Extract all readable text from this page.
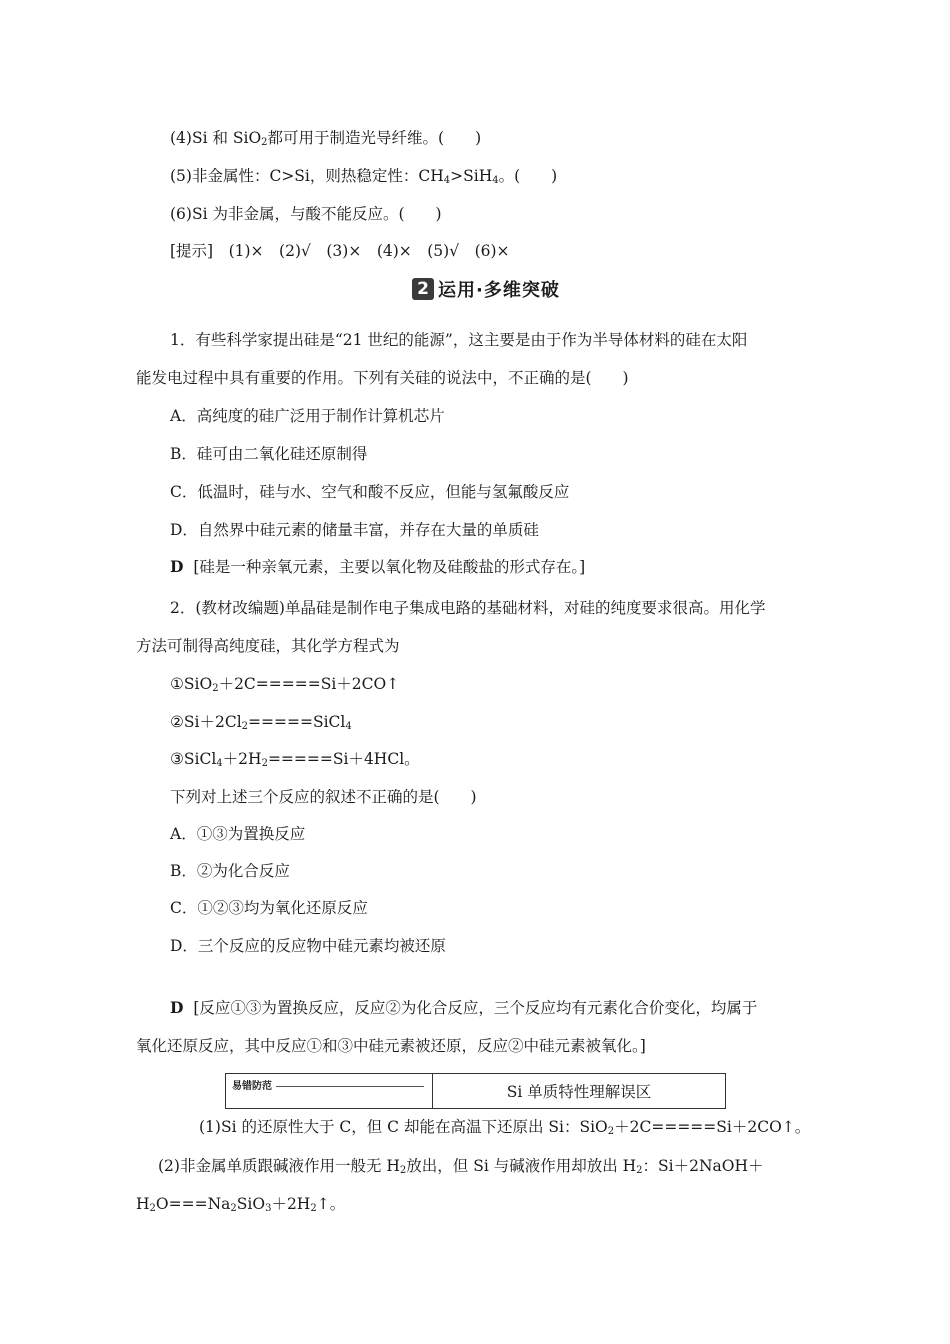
(4)Si 和 SiO$_2$都可用于制造光导纤维。(　　)
(5)非金属性：C>Si，则热稳定性：$CH_4>SiH_4$。(　　)
(6)Si 为非金属，与酸不能反应。(　　)
[提示]　(1)×　(2)√　(3)×　(4)×　(5)√　(6)×
2 运用·多维突破
1．有些科学家提出硅是“21 世纪的能源”，这主要是由于作为半导体材料的硅在太阳
能发电过程中具有重要的作用。下列有关硅的说法中，不正确的是(　　)
A．高纯度的硅广泛用于制作计算机芯片
B．硅可由二氧化硅还原制得
C．低温时，硅与水、空气和酸不反应，但能与氢氟酸反应
D．自然界中硅元素的储量丰富，并存在大量的单质硅
D [硅是一种亲氧元素，主要以氧化物及硅酸盐的形式存在。]
2．(教材改编题)单晶硅是制作电子集成电路的基础材料，对硅的纯度要求很高。用化学
方法可制得高纯度硅，其化学方程式为
①SiO$_2$＋2C=====Si＋2CO↑
$②Si+2Cl_2=====SiCl_4$
$③SiCl_4+2H_2=====Si+4HCl$。
下列对上述三个反应的叙述不正确的是(　　)
A．①③为置换反应
B．②为化合反应
C．①②③均为氧化还原反应
D．三个反应的反应物中硅元素均被还原
D [反应①③为置换反应，反应②为化合反应，三个反应均有元素化合价变化，均属于
氧化还原反应，其中反应①和③中硅元素被还原，反应②中硅元素被氧化。]
易错防范	Si 单质特性理解误区
(1)Si 的还原性大于 C，但 C 却能在高温下还原出 Si：SiO$_2$＋2C=====Si＋2CO↑。
(2)非金属单质跟碱液作用一般无 $H_2$放出，但 Si 与碱液作用却放出 $H_2$：Si＋2NaOH＋
$H_2O===Na_2SiO_3+2H_2↑$。
